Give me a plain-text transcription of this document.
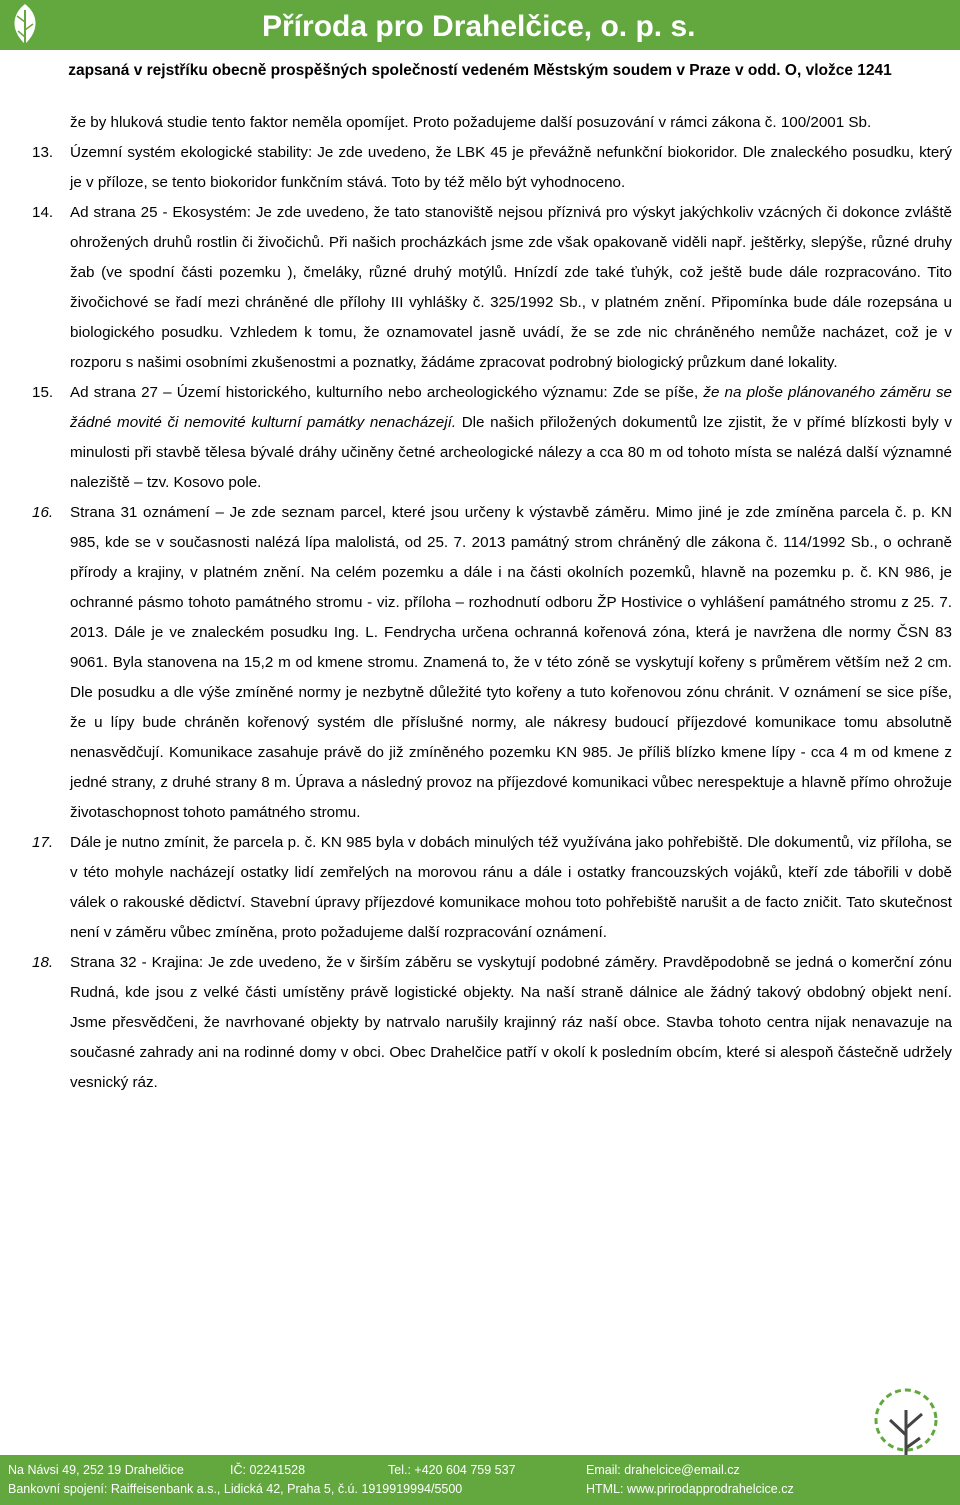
Příroda pro Drahelčice, o. p. s.
zapsaná v rejstříku obecně prospěšných společností vedeném Městským soudem v Praze v odd. O, vložce 1241

že by hluková studie tento faktor neměla opomíjet. Proto požadujeme další posuzování v rámci zákona č. 100/2001 Sb.

13.	Územní systém ekologické stability: Je zde uvedeno, že LBK 45 je převážně nefunkční biokoridor. Dle znaleckého posudku, který je v příloze, se tento biokoridor funkčním stává. Toto by též mělo být vyhodnoceno.
14.	Ad strana 25 - Ekosystém: Je zde uvedeno, že tato stanoviště nejsou příznivá pro výskyt jakýchkoliv vzácných či dokonce zvláště ohrožených druhů rostlin či živočichů. Při našich procházkách jsme zde však opakovaně viděli např. ještěrky, slepýše, různé druhy žab (ve spodní části pozemku ), čmeláky, různé druhý motýlů. Hnízdí zde také ťuhýk, což ještě bude dále rozpracováno. Tito živočichové se řadí mezi chráněné dle přílohy III vyhlášky č. 325/1992 Sb., v platném znění. Připomínka bude dále rozepsána u biologického posudku. Vzhledem k tomu, že oznamovatel jasně uvádí, že se zde nic chráněného nemůže nacházet, což je v rozporu s našimi osobními zkušenostmi a poznatky, žádáme zpracovat podrobný biologický průzkum dané lokality.
15.	Ad strana 27 – Území historického, kulturního nebo archeologického významu: Zde se píše, že na ploše plánovaného záměru se žádné movité či nemovité kulturní památky nenacházejí. Dle našich přiložených dokumentů lze zjistit, že v přímé blízkosti byly v minulosti při stavbě tělesa bývalé dráhy učiněny četné archeologické nálezy a cca 80 m od tohoto místa se nalézá další významné naleziště – tzv. Kosovo pole.
16.	Strana 31 oznámení – Je zde seznam parcel, které jsou určeny k výstavbě záměru. Mimo jiné je zde zmíněna parcela č. p. KN 985, kde se v současnosti nalézá lípa malolistá, od 25. 7. 2013 památný strom chráněný dle zákona č. 114/1992 Sb., o ochraně přírody a krajiny, v platném znění. Na celém pozemku a dále i na části okolních pozemků, hlavně na pozemku p. č. KN 986, je ochranné pásmo tohoto památného stromu - viz. příloha – rozhodnutí odboru ŽP Hostivice o vyhlášení památného stromu z 25. 7. 2013. Dále je ve znaleckém posudku Ing. L. Fendrycha určena ochranná kořenová zóna, která je navržena dle normy ČSN 83 9061. Byla stanovena na 15,2 m od kmene stromu. Znamená to, že v této zóně se vyskytují kořeny s průměrem větším než 2 cm. Dle posudku a dle výše zmíněné normy je nezbytně důležité tyto kořeny a tuto kořenovou zónu chránit. V oznámení se sice píše, že u lípy bude chráněn kořenový systém dle příslušné normy, ale nákresy budoucí příjezdové komunikace tomu absolutně nenasvědčují. Komunikace zasahuje právě do již zmíněného pozemku KN 985. Je příliš blízko kmene lípy - cca 4 m od kmene z jedné strany, z druhé strany 8 m. Úprava a následný provoz na příjezdové komunikaci vůbec nerespektuje a hlavně přímo ohrožuje životaschopnost tohoto památného stromu.
17.	Dále je nutno zmínit, že parcela p. č. KN 985 byla v dobách minulých též využívána jako pohřebiště. Dle dokumentů, viz příloha, se v této mohyle nacházejí ostatky lidí zemřelých na morovou ránu a dále i ostatky francouzských vojáků, kteří zde tábořili v době válek o rakouské dědictví. Stavební úpravy příjezdové komunikace mohou toto pohřebiště narušit a de facto zničit. Tato skutečnost není v záměru vůbec zmíněna, proto požadujeme další rozpracování oznámení.
18.	Strana 32 - Krajina: Je zde uvedeno, že v širším záběru se vyskytují podobné záměry. Pravděpodobně se jedná o komerční zónu Rudná, kde jsou z velké části umístěny právě logistické objekty. Na naší straně dálnice ale žádný takový obdobný objekt není. Jsme přesvědčeni, že navrhované objekty by natrvalo narušily krajinný ráz naší obce. Stavba tohoto centra nijak nenavazuje na současné zahrady ani na rodinné domy v obci. Obec Drahelčice patří v okolí k posledním obcím, které si alespoň částečně udržely vesnický ráz.
Na Návsi 49, 252 19 Drahelčice	IČ: 02241528	Tel.: +420 604 759 537	Email: drahelcice@email.cz
Bankovní spojení: Raiffeisenbank a.s., Lidická 42, Praha 5, č.ú. 1919919994/5500	HTML: www.prirodapprodrahelcice.cz
